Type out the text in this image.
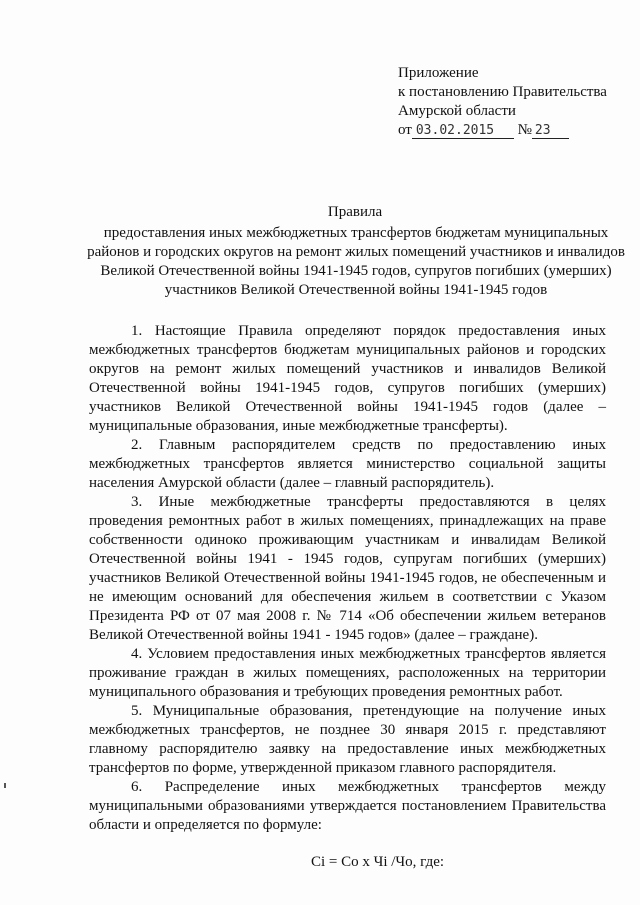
Приложение
к постановлению Правительства
Амурской области
от 03.02.2015 № 23
Правила
предоставления иных межбюджетных трансфертов бюджетам муниципальных районов и городских округов на ремонт жилых помещений участников и инвалидов Великой Отечественной войны 1941-1945 годов, супругов погибших (умерших) участников Великой Отечественной войны 1941-1945 годов

1. Настоящие Правила определяют порядок предоставления иных межбюджетных трансфертов бюджетам муниципальных районов и городских округов на ремонт жилых помещений участников и инвалидов Великой Отечественной войны 1941-1945 годов, супругов погибших (умерших) участников Великой Отечественной войны 1941-1945 годов (далее – муниципальные образования, иные межбюджетные трансферты).

2. Главным распорядителем средств по предоставлению иных межбюджетных трансфертов является министерство социальной защиты населения Амурской области (далее – главный распорядитель).

3. Иные межбюджетные трансферты предоставляются в целях проведения ремонтных работ в жилых помещениях, принадлежащих на праве собственности одиноко проживающим участникам и инвалидам Великой Отечественной войны 1941 - 1945 годов, супругам погибших (умерших) участников Великой Отечественной войны 1941-1945 годов, не обеспеченным и не имеющим оснований для обеспечения жильем в соответствии с Указом Президента РФ от 07 мая 2008 г. № 714 «Об обеспечении жильем ветеранов Великой Отечественной войны 1941 - 1945 годов» (далее – граждане).

4. Условием предоставления иных межбюджетных трансфертов является проживание граждан в жилых помещениях, расположенных на территории муниципального образования и требующих проведения ремонтных работ.

5. Муниципальные образования, претендующие на получение иных межбюджетных трансфертов, не позднее 30 января 2015 г. представляют главному распорядителю заявку на предоставление иных межбюджетных трансфертов по форме, утвержденной приказом главного распорядителя.

6. Распределение иных межбюджетных трансфертов между муниципальными образованиями утверждается постановлением Правительства области и определяется по формуле:

Сi = Со x Чi /Чо, где:
